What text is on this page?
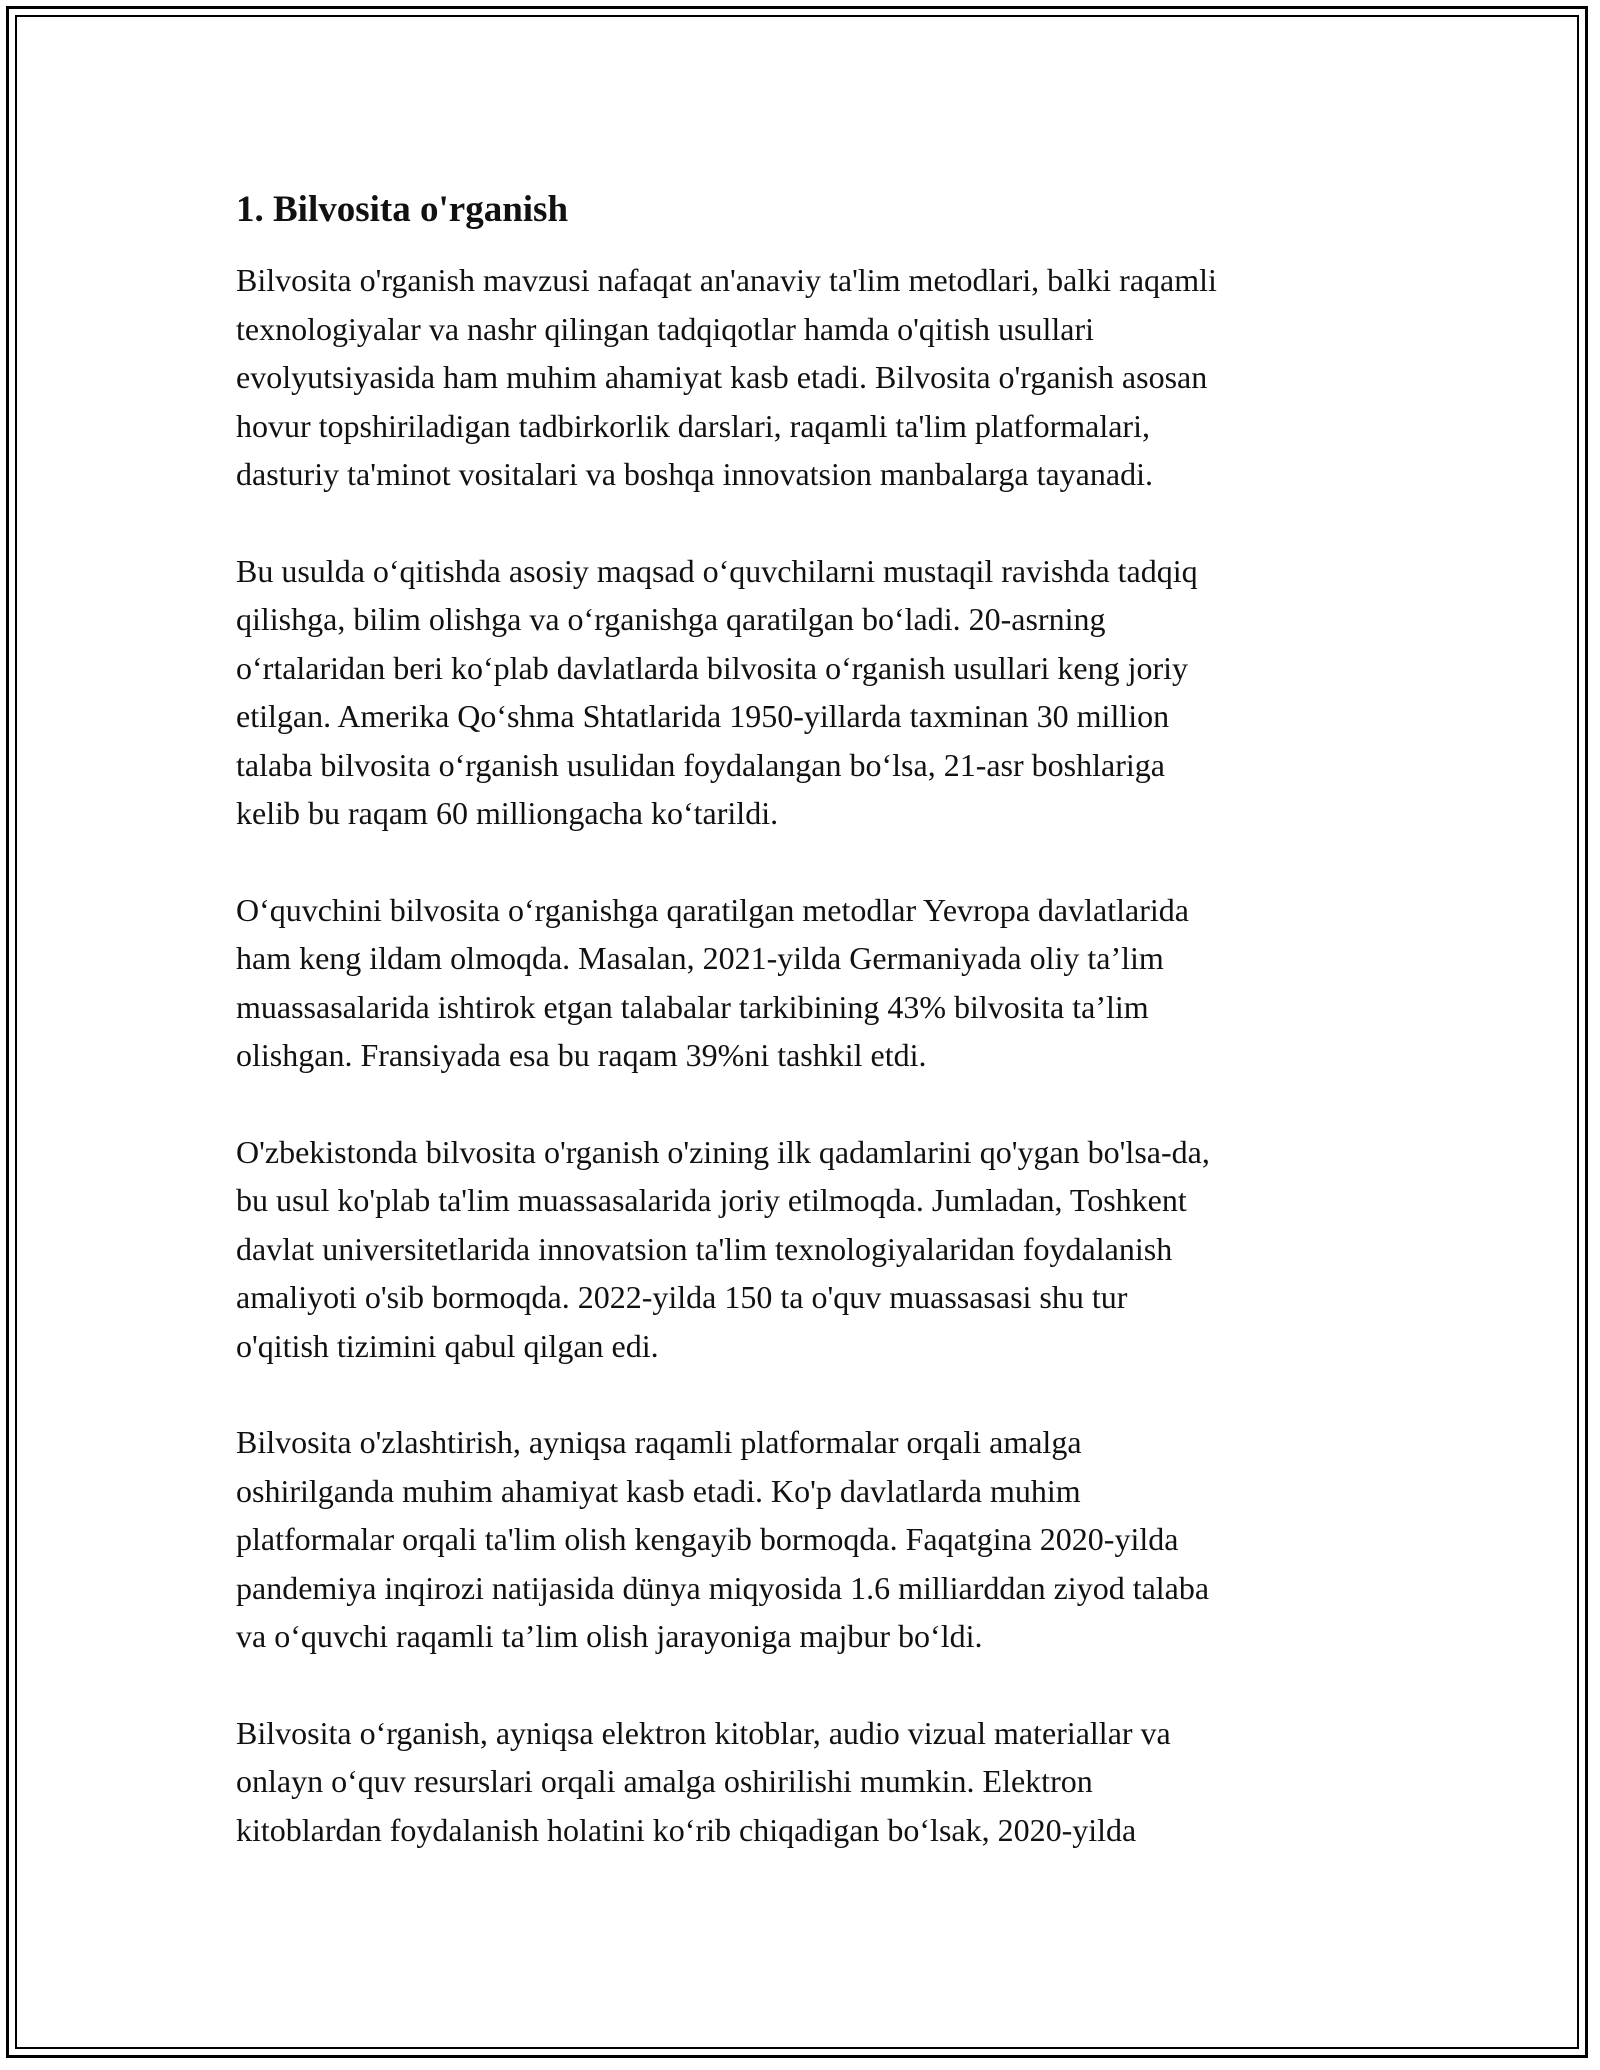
1. Bilvosita o'rganish

Bilvosita o'rganish mavzusi nafaqat an'anaviy ta'lim metodlari, balki raqamli
texnologiyalar va nashr qilingan tadqiqotlar hamda o'qitish usullari
evolyutsiyasida ham muhim ahamiyat kasb etadi. Bilvosita o'rganish asosan
hovur topshiriladigan tadbirkorlik darslari, raqamli ta'lim platformalari,
dasturiy ta'minot vositalari va boshqa innovatsion manbalarga tayanadi.

Bu usulda o‘qitishda asosiy maqsad o‘quvchilarni mustaqil ravishda tadqiq
qilishga, bilim olishga va o‘rganishga qaratilgan bo‘ladi. 20-asrning
o‘rtalaridan beri ko‘plab davlatlarda bilvosita o‘rganish usullari keng joriy
etilgan. Amerika Qo‘shma Shtatlarida 1950-yillarda taxminan 30 million
talaba bilvosita o‘rganish usulidan foydalangan bo‘lsa, 21-asr boshlariga
kelib bu raqam 60 milliongacha ko‘tarildi.

O‘quvchini bilvosita o‘rganishga qaratilgan metodlar Yevropa davlatlarida
ham keng ildam olmoqda. Masalan, 2021-yilda Germaniyada oliy ta’lim
muassasalarida ishtirok etgan talabalar tarkibining 43% bilvosita ta’lim
olishgan. Fransiyada esa bu raqam 39%ni tashkil etdi.

O'zbekistonda bilvosita o'rganish o'zining ilk qadamlarini qo'ygan bo'lsa-da,
bu usul ko'plab ta'lim muassasalarida joriy etilmoqda. Jumladan, Toshkent
davlat universitetlarida innovatsion ta'lim texnologiyalaridan foydalanish
amaliyoti o'sib bormoqda. 2022-yilda 150 ta o'quv muassasasi shu tur
o'qitish tizimini qabul qilgan edi.

Bilvosita o'zlashtirish, ayniqsa raqamli platformalar orqali amalga
oshirilganda muhim ahamiyat kasb etadi. Ko'p davlatlarda muhim
platformalar orqali ta'lim olish kengayib bormoqda. Faqatgina 2020-yilda
pandemiya inqirozi natijasida dünya miqyosida 1.6 milliarddan ziyod talaba
va o‘quvchi raqamli ta’lim olish jarayoniga majbur bo‘ldi.

Bilvosita o‘rganish, ayniqsa elektron kitoblar, audio vizual materiallar va
onlayn o‘quv resurslari orqali amalga oshirilishi mumkin. Elektron
kitoblardan foydalanish holatini ko‘rib chiqadigan bo‘lsak, 2020-yilda
